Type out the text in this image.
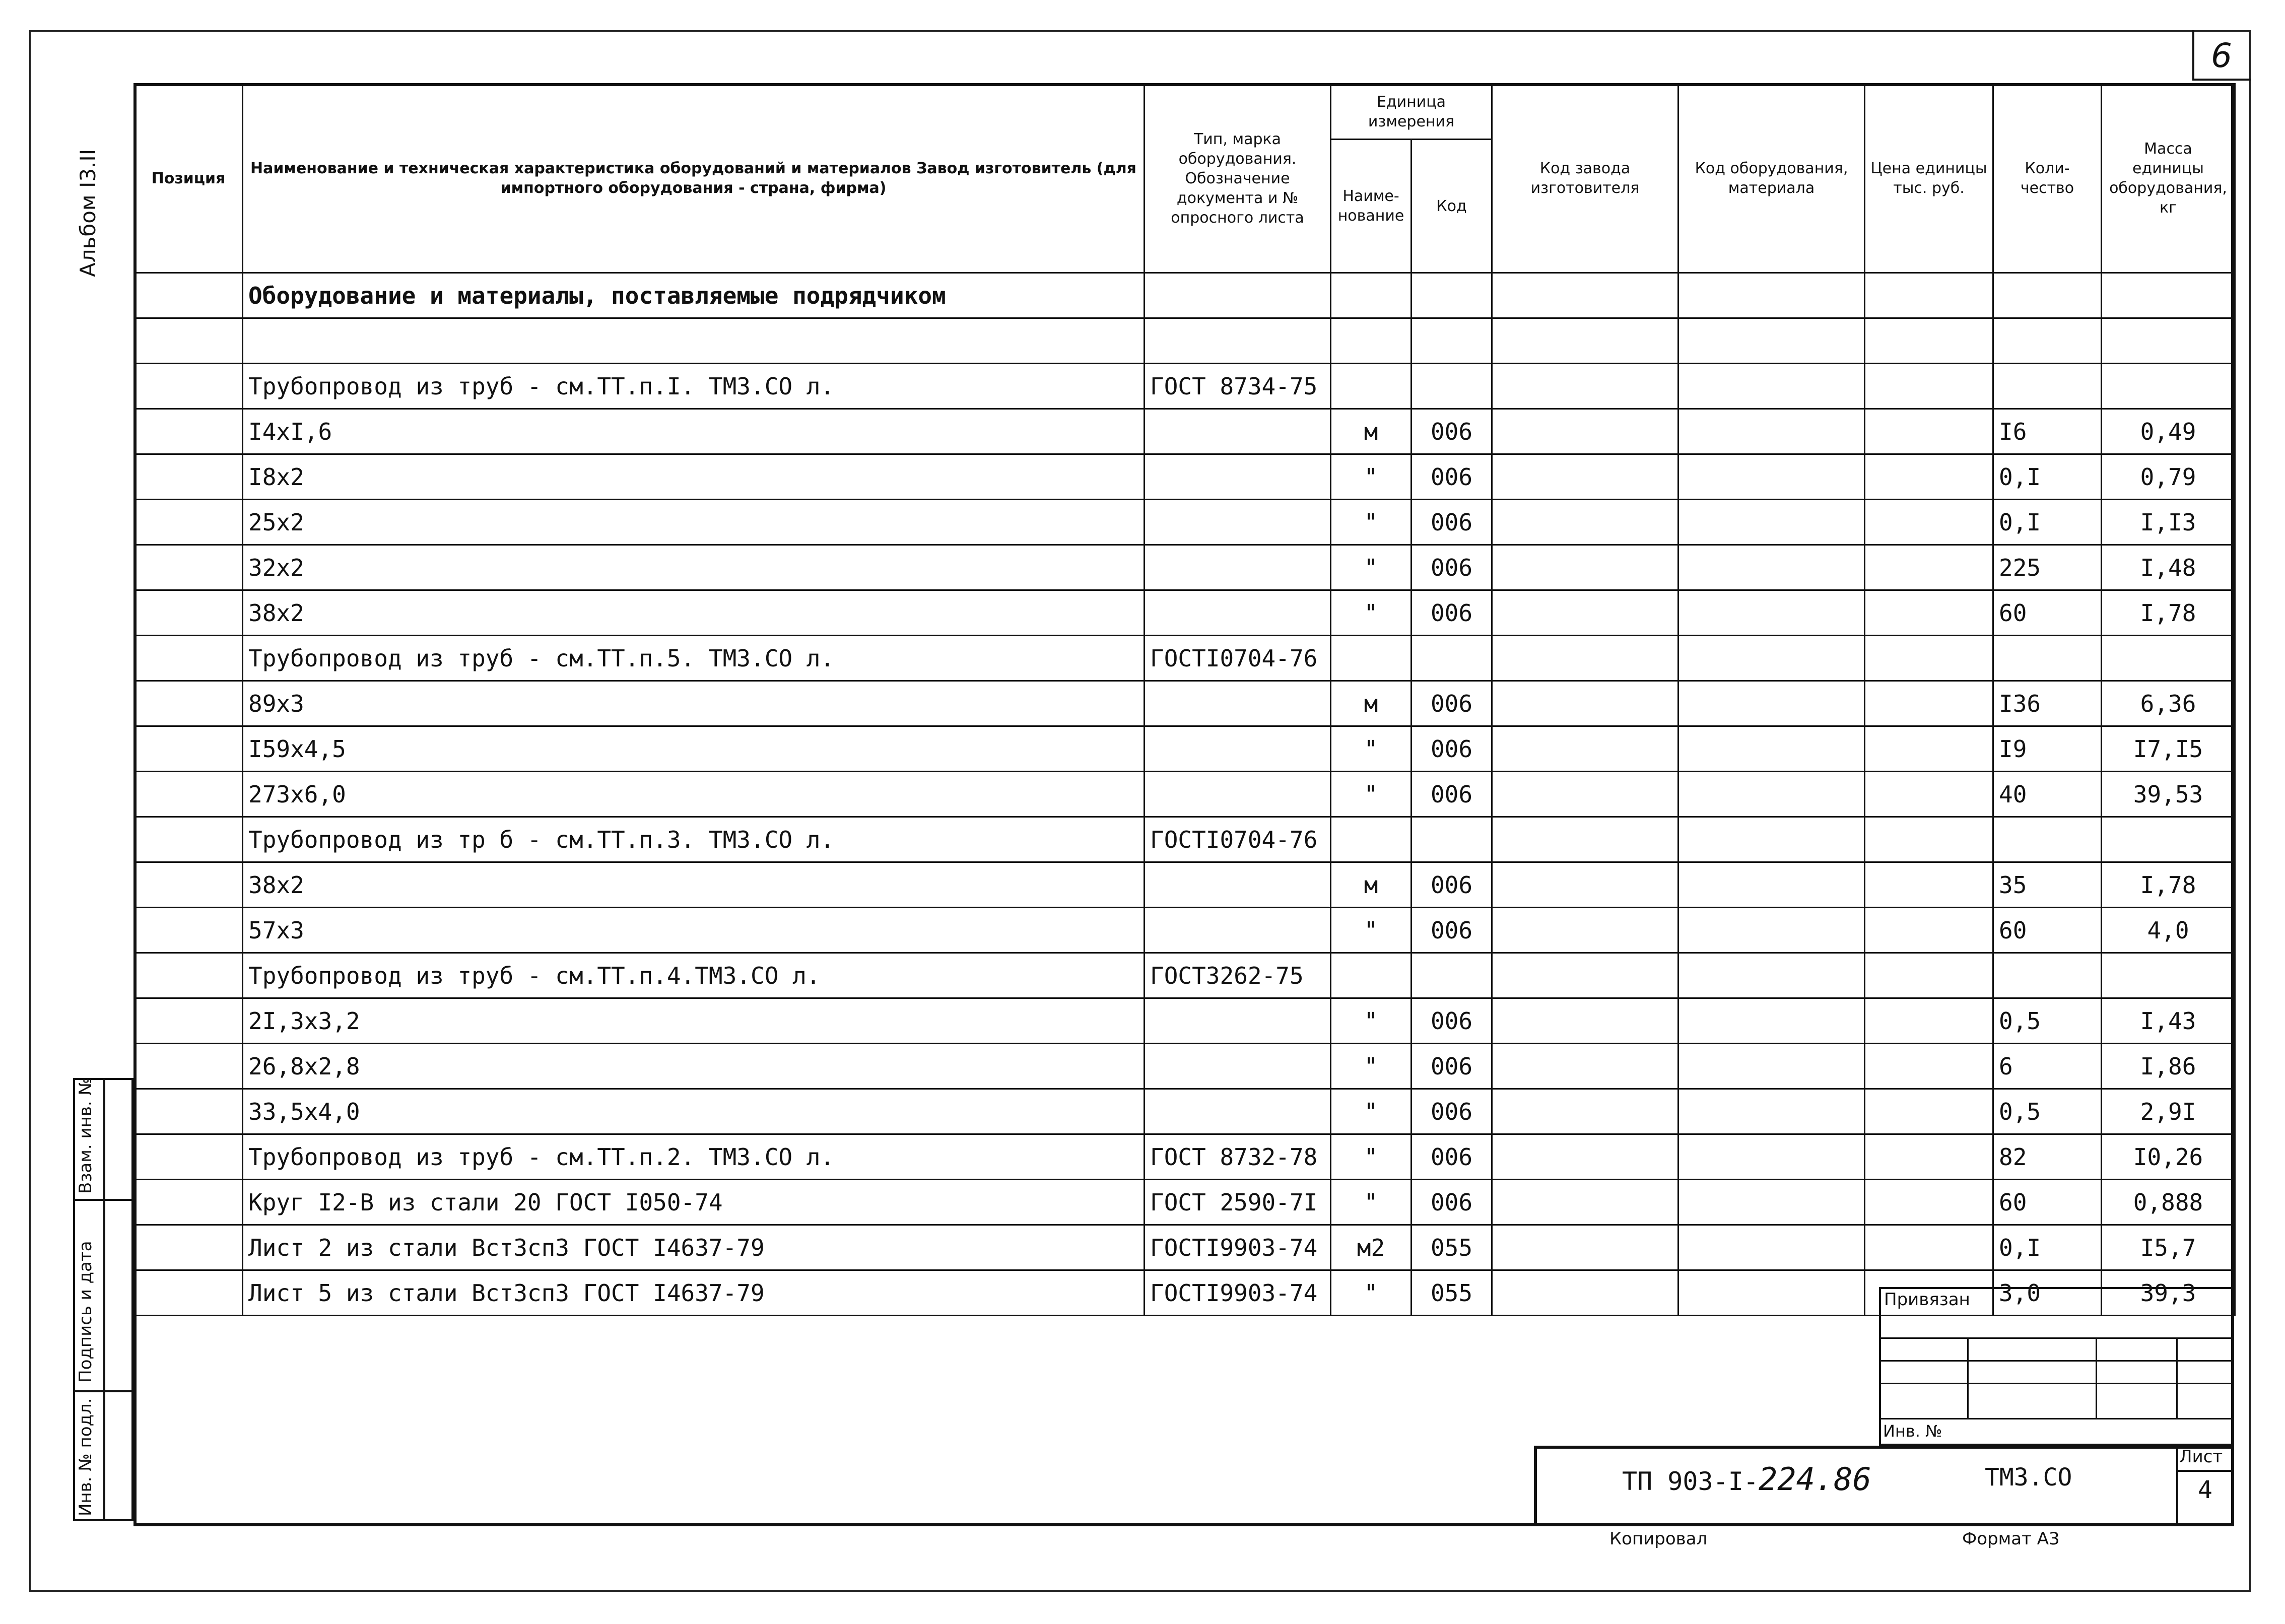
6
Альбом I3.II
Взам. инв. №
Подпись и дата
Инв. № подл.
Позиция	Наименование и техническая характеристика оборудований и материалов Завод изготовитель (для импортного оборудования - страна, фирма)	Тип, марка оборудования. Обозначение документа и № опросного листа	Единица измерения		Код завода изготовителя	Код оборудования, материала	Цена единицы тыс. руб.	Коли- чество	Масса единицы оборудования, кг
			Наиме- нование	Код					
	Оборудование и материалы, поставляемые подрядчиком								

	Трубопровод из труб - см.ТТ.п.I. ТМ3.СО л.	ГОСТ 8734-75							
	I4xI,6		м	006				I6	0,49
	I8x2		"	006				0,I	0,79
	25x2		"	006				0,I	I,I3
	32x2		"	006				225	I,48
	38x2		"	006				60	I,78
	Трубопровод из труб - см.ТТ.п.5. ТМ3.СО л.	ГОСТI0704-76							
	89x3		м	006				I36	6,36
	I59x4,5		"	006				I9	I7,I5
	273x6,0		"	006				40	39,53
	Трубопровод из тр б - см.ТТ.п.3. ТМ3.СО л.	ГОСТI0704-76							
	38x2		м	006				35	I,78
	57x3		"	006				60	4,0
	Трубопровод из труб - см.ТТ.п.4.ТМ3.СО л.	ГОСТ3262-75							
	2I,3x3,2		"	006				0,5	I,43
	26,8x2,8		"	006				6	I,86
	33,5x4,0		"	006				0,5	2,9I
	Трубопровод из труб - см.ТТ.п.2. ТМ3.СО л.	ГОСТ 8732-78	"	006				82	I0,26
	Круг I2-В из стали 20 ГОСТ I050-74	ГОСТ 2590-7I	"	006				60	0,888
	Лист 2 из стали ВстЗсп3 ГОСТ I4637-79	ГОСТI9903-74	м2	055				0,I	I5,7
	Лист 5 из стали ВстЗсп3 ГОСТ I4637-79	ГОСТI9903-74	"	055				3,0	39,3
Привязан
Инв. №
ТП 903-I-224.86	ТМ3.СО
Лист
4
Копировал	Формат А3
